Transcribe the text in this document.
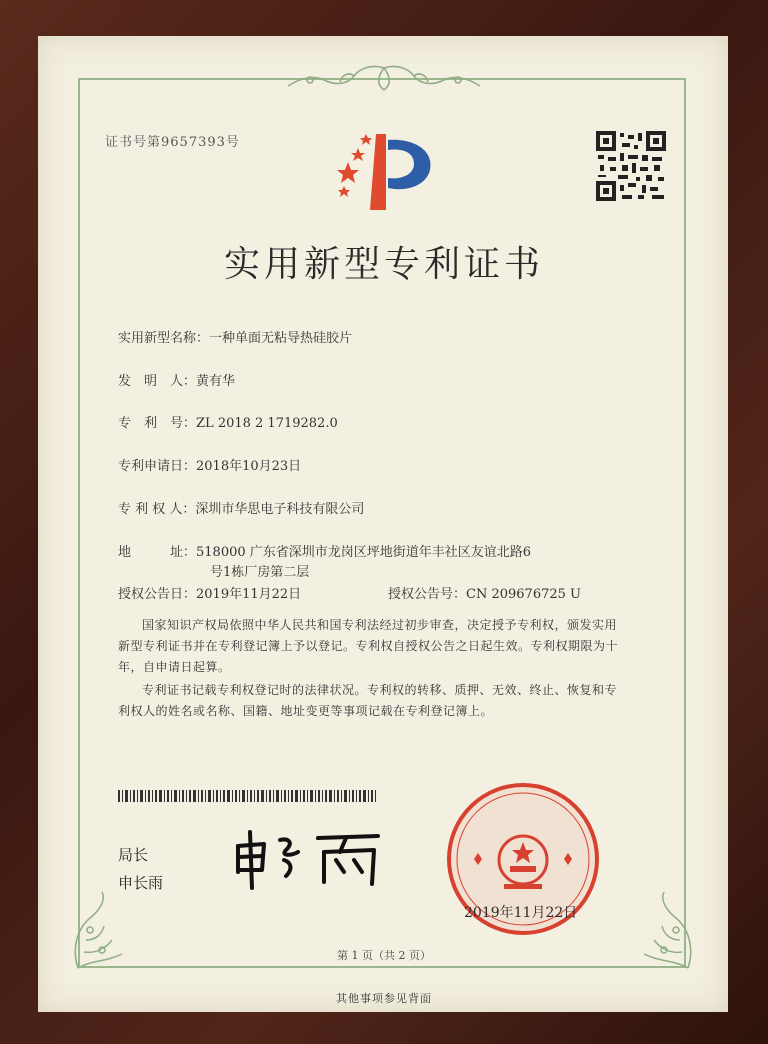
证书号第9657393号
实用新型专利证书
实用新型名称：一种单面无粘导热硅胶片
发　明　人：黄有华
专　利　号：ZL 2018 2 1719282.0
专利申请日：2018年10月23日
专 利 权 人：深圳市华思电子科技有限公司
地　　　址：518000 广东省深圳市龙岗区坪地街道年丰社区友谊北路6
号1栋厂房第二层
授权公告日：2019年11月22日	授权公告号：CN 209676725 U
国家知识产权局依照中华人民共和国专利法经过初步审查，决定授予专利权，颁发实用
新型专利证书并在专利登记簿上予以登记。专利权自授权公告之日起生效。专利权期限为十
年，自申请日起算。
专利证书记载专利权登记时的法律状况。专利权的转移、质押、无效、终止、恢复和专
利权人的姓名或名称、国籍、地址变更等事项记载在专利登记簿上。
局长
申长雨
2019年11月22日
第 1 页（共 2 页）
其他事项参见背面
